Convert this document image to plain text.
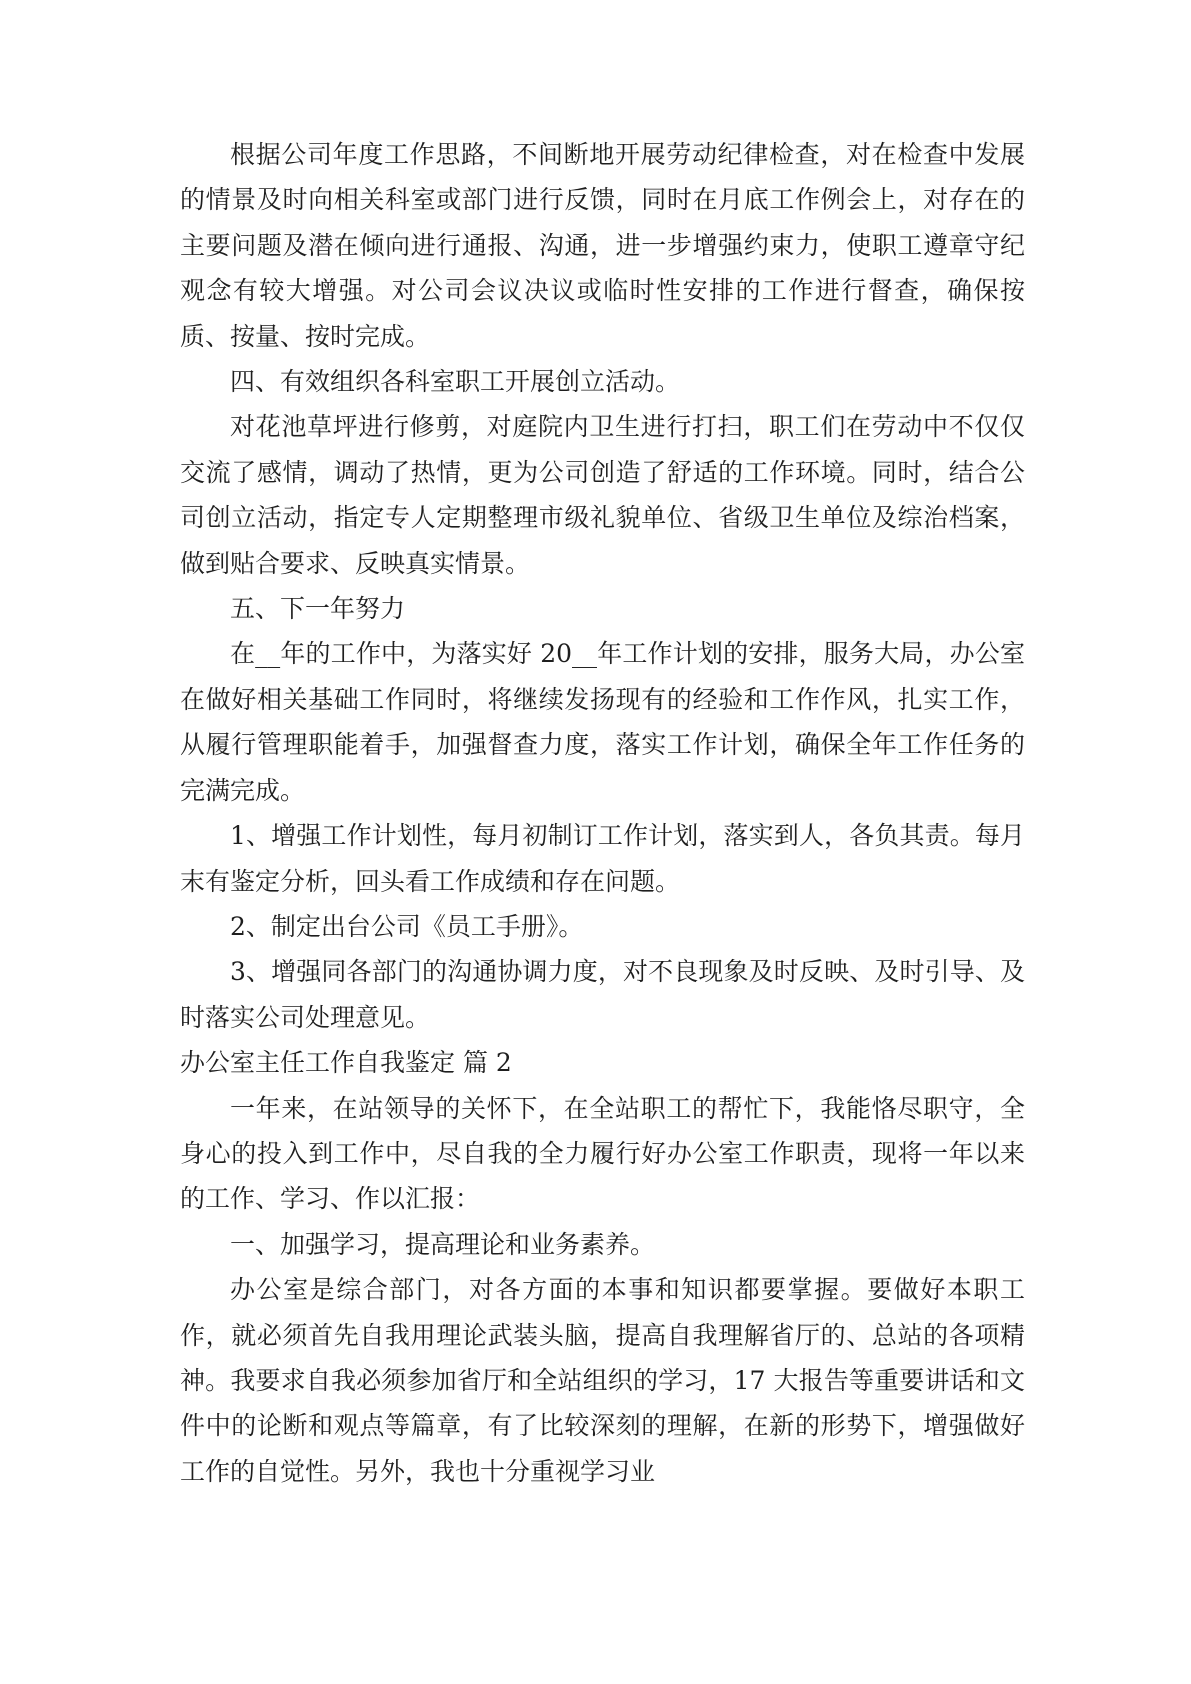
根据公司年度工作思路，不间断地开展劳动纪律检查，对在检查中发展的情景及时向相关科室或部门进行反馈，同时在月底工作例会上，对存在的主要问题及潜在倾向进行通报、沟通，进一步增强约束力，使职工遵章守纪观念有较大增强。对公司会议决议或临时性安排的工作进行督查，确保按质、按量、按时完成。

四、有效组织各科室职工开展创立活动。

对花池草坪进行修剪，对庭院内卫生进行打扫，职工们在劳动中不仅仅交流了感情，调动了热情，更为公司创造了舒适的工作环境。同时，结合公司创立活动，指定专人定期整理市级礼貌单位、省级卫生单位及综治档案，做到贴合要求、反映真实情景。

五、下一年努力

在__年的工作中，为落实好 20__年工作计划的安排，服务大局，办公室在做好相关基础工作同时，将继续发扬现有的经验和工作作风，扎实工作，从履行管理职能着手，加强督查力度，落实工作计划，确保全年工作任务的完满完成。

1、增强工作计划性，每月初制订工作计划，落实到人，各负其责。每月末有鉴定分析，回头看工作成绩和存在问题。

2、制定出台公司《员工手册》。

3、增强同各部门的沟通协调力度，对不良现象及时反映、及时引导、及时落实公司处理意见。

办公室主任工作自我鉴定 篇 2

一年来，在站领导的关怀下，在全站职工的帮忙下，我能恪尽职守，全身心的投入到工作中，尽自我的全力履行好办公室工作职责，现将一年以来的工作、学习、作以汇报：

一、加强学习，提高理论和业务素养。

办公室是综合部门，对各方面的本事和知识都要掌握。要做好本职工作，就必须首先自我用理论武装头脑，提高自我理解省厅的、总站的各项精神。我要求自我必须参加省厅和全站组织的学习，17 大报告等重要讲话和文件中的论断和观点等篇章，有了比较深刻的理解，在新的形势下，增强做好工作的自觉性。另外，我也十分重视学习业
